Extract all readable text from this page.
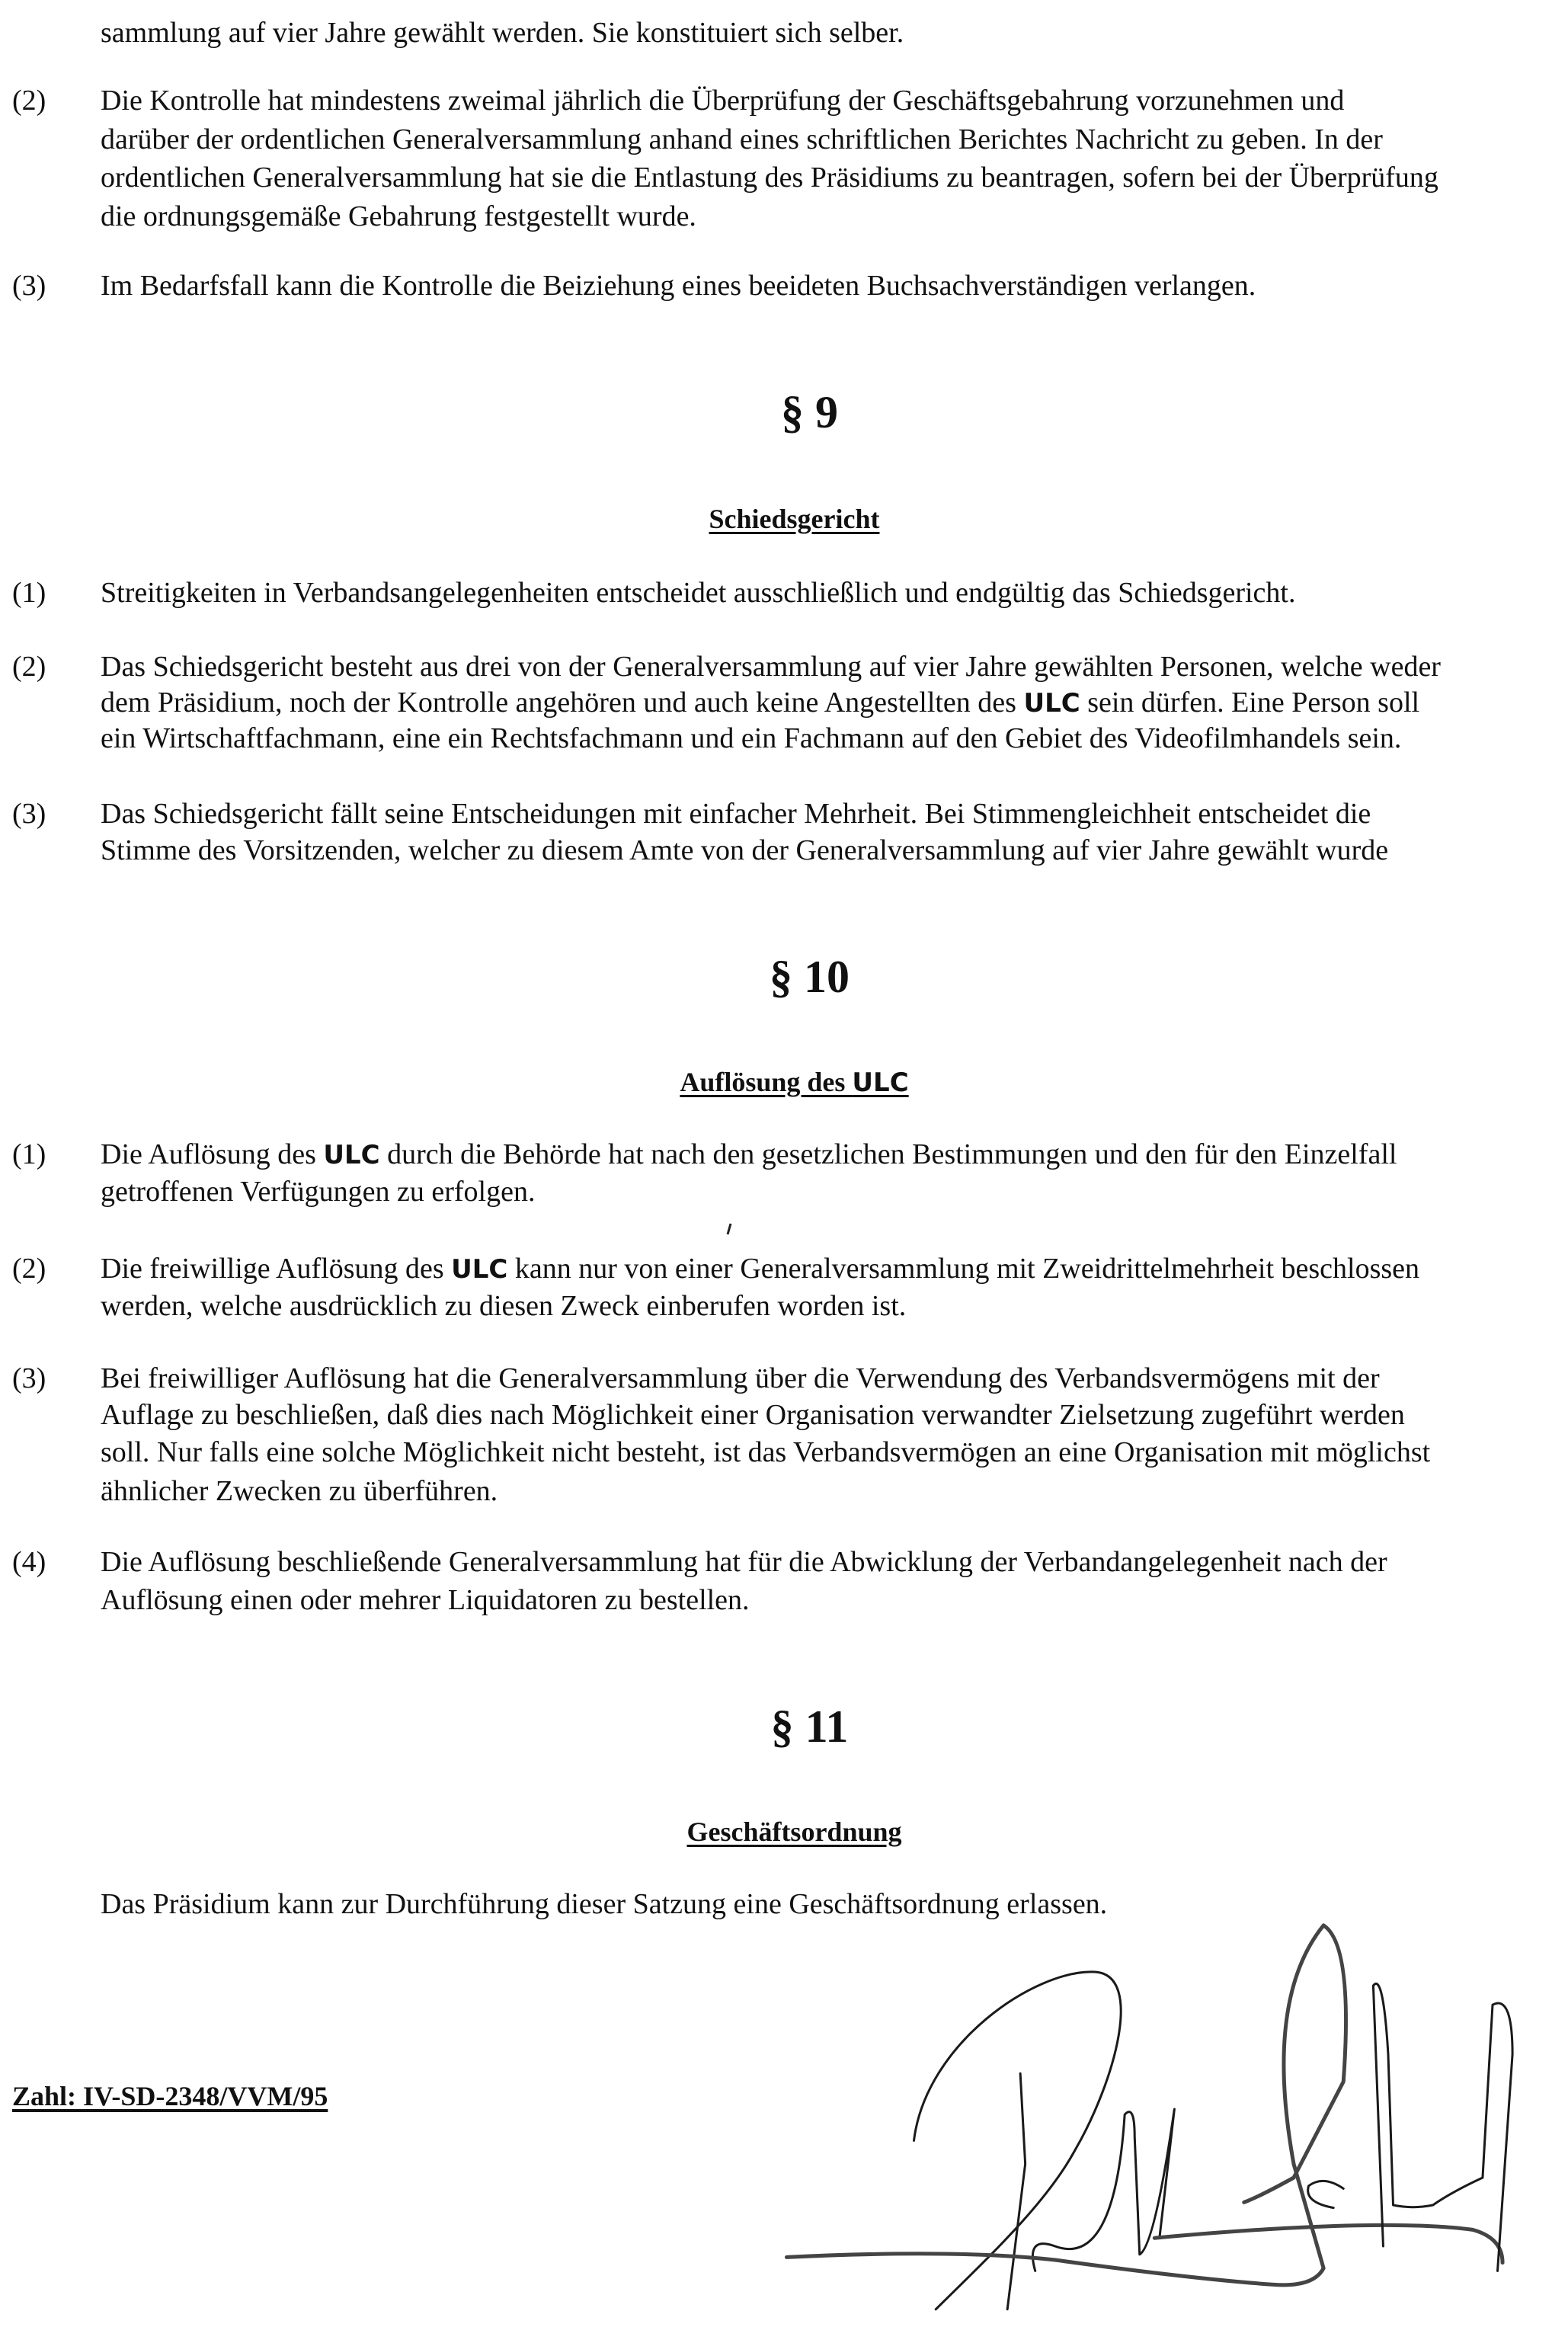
sammlung auf vier Jahre gewählt werden. Sie konstituiert sich selber.
(2) Die Kontrolle hat mindestens zweimal jährlich die Überprüfung der Geschäftsgebahrung vorzunehmen und
darüber der ordentlichen Generalversammlung anhand eines schriftlichen Berichtes Nachricht zu geben. In der
ordentlichen Generalversammlung hat sie die Entlastung des Präsidiums zu beantragen, sofern bei der Überprüfung
die ordnungsgemäße Gebahrung festgestellt wurde.
(3) Im Bedarfsfall kann die Kontrolle die Beiziehung eines beeideten Buchsachverständigen verlangen.
§ 9
Schiedsgericht
(1) Streitigkeiten in Verbandsangelegenheiten entscheidet ausschließlich und endgültig das Schiedsgericht.
(2) Das Schiedsgericht besteht aus drei von der Generalversammlung auf vier Jahre gewählten Personen, welche weder
dem Präsidium, noch der Kontrolle angehören und auch keine Angestellten des ULC sein dürfen. Eine Person soll
ein Wirtschaftfachmann, eine ein Rechtsfachmann und ein Fachmann auf den Gebiet des Videofilmhandels sein.
(3) Das Schiedsgericht fällt seine Entscheidungen mit einfacher Mehrheit. Bei Stimmengleichheit entscheidet die
Stimme des Vorsitzenden, welcher zu diesem Amte von der Generalversammlung auf vier Jahre gewählt wurde
§ 10
Auflösung des ULC
(1) Die Auflösung des ULC durch die Behörde hat nach den gesetzlichen Bestimmungen und den für den Einzelfall
getroffenen Verfügungen zu erfolgen.
(2) Die freiwillige Auflösung des ULC kann nur von einer Generalversammlung mit Zweidrittelmehrheit beschlossen
werden, welche ausdrücklich zu diesen Zweck einberufen worden ist.
(3) Bei freiwilliger Auflösung hat die Generalversammlung über die Verwendung des Verbandsvermögens mit der
Auflage zu beschließen, daß dies nach Möglichkeit einer Organisation verwandter Zielsetzung zugeführt werden
soll. Nur falls eine solche Möglichkeit nicht besteht, ist das Verbandsvermögen an eine Organisation mit möglichst
ähnlicher Zwecken zu überführen.
(4) Die Auflösung beschließende Generalversammlung hat für die Abwicklung der Verbandangelegenheit nach der
Auflösung einen oder mehrer Liquidatoren zu bestellen.
§ 11
Geschäftsordnung
Das Präsidium kann zur Durchführung dieser Satzung eine Geschäftsordnung erlassen.
Zahl: IV-SD-2348/VVM/95
